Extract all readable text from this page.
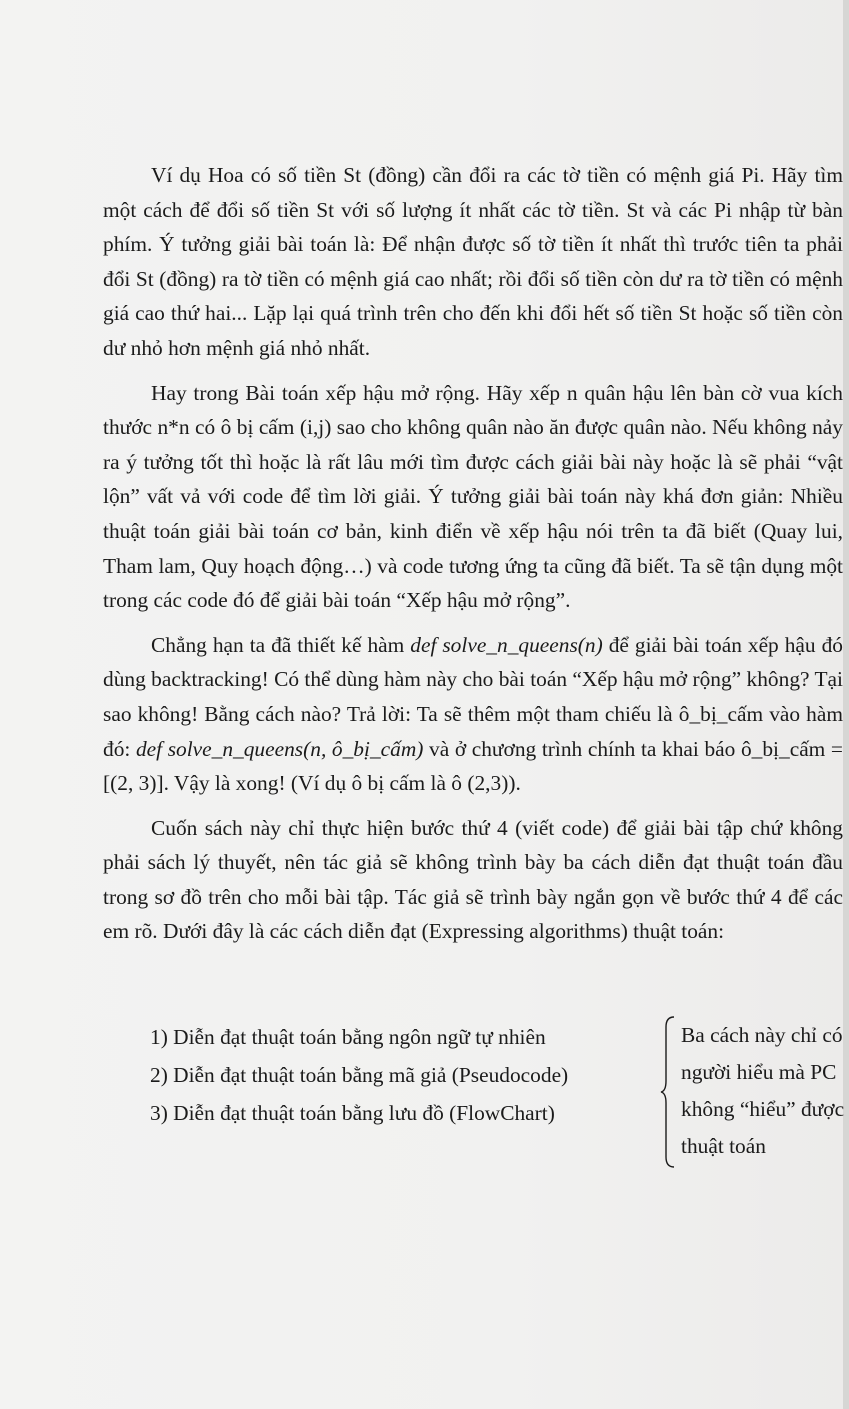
Ví dụ Hoa có số tiền St (đồng) cần đổi ra các tờ tiền có mệnh giá Pi. Hãy tìm một cách để đổi số tiền St với số lượng ít nhất các tờ tiền. St và các Pi nhập từ bàn phím. Ý tưởng giải bài toán là: Để nhận được số tờ tiền ít nhất thì trước tiên ta phải đổi St (đồng) ra tờ tiền có mệnh giá cao nhất; rồi đổi số tiền còn dư ra tờ tiền có mệnh giá cao thứ hai... Lặp lại quá trình trên cho đến khi đổi hết số tiền St hoặc số tiền còn dư nhỏ hơn mệnh giá nhỏ nhất.

Hay trong Bài toán xếp hậu mở rộng. Hãy xếp n quân hậu lên bàn cờ vua kích thước n*n có ô bị cấm (i,j) sao cho không quân nào ăn được quân nào. Nếu không nảy ra ý tưởng tốt thì hoặc là rất lâu mới tìm được cách giải bài này hoặc là sẽ phải “vật lộn” vất vả với code để tìm lời giải. Ý tưởng giải bài toán này khá đơn giản: Nhiều thuật toán giải bài toán cơ bản, kinh điển về xếp hậu nói trên ta đã biết (Quay lui, Tham lam, Quy hoạch động…) và code tương ứng ta cũng đã biết. Ta sẽ tận dụng một trong các code đó để giải bài toán “Xếp hậu mở rộng”.

Chẳng hạn ta đã thiết kế hàm def solve_n_queens(n) để giải bài toán xếp hậu đó dùng backtracking! Có thể dùng hàm này cho bài toán “Xếp hậu mở rộng” không? Tại sao không! Bằng cách nào? Trả lời: Ta sẽ thêm một tham chiếu là ô_bị_cấm vào hàm đó: def solve_n_queens(n, ô_bị_cấm) và ở chương trình chính ta khai báo ô_bị_cấm = [(2, 3)]. Vậy là xong! (Ví dụ ô bị cấm là ô (2,3)).

Cuốn sách này chỉ thực hiện bước thứ 4 (viết code) để giải bài tập chứ không phải sách lý thuyết, nên tác giả sẽ không trình bày ba cách diễn đạt thuật toán đầu trong sơ đồ trên cho mỗi bài tập. Tác giả sẽ trình bày ngắn gọn về bước thứ 4 để các em rõ. Dưới đây là các cách diễn đạt (Expressing algorithms) thuật toán:

1) Diễn đạt thuật toán bằng ngôn ngữ tự nhiên
2) Diễn đạt thuật toán bằng mã giả (Pseudocode)
3) Diễn đạt thuật toán bằng lưu đồ (FlowChart)
Ba cách này chỉ có
người hiểu mà PC
không “hiểu” được
thuật toán
